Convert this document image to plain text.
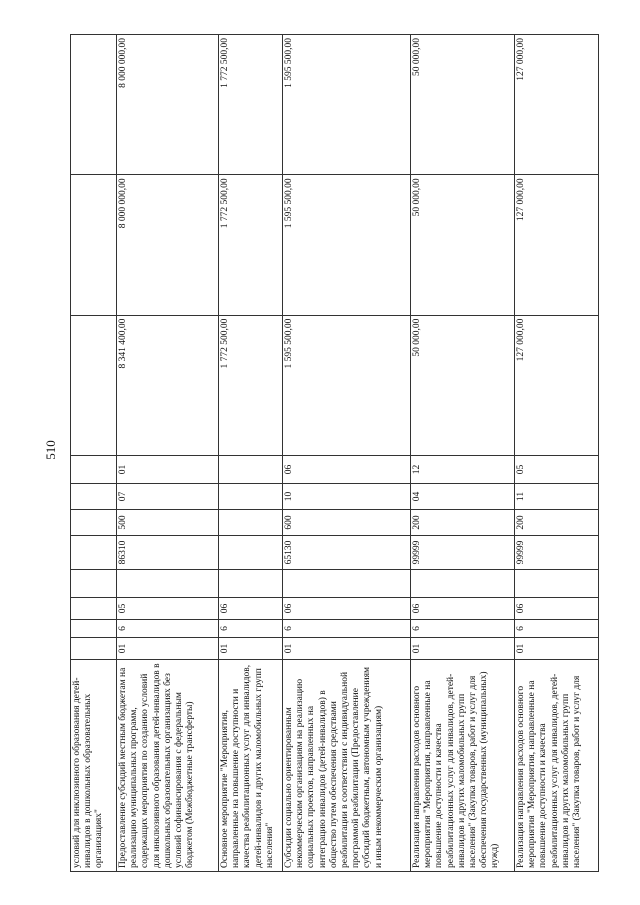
510
условий для инклюзивного образования детей-инвалидов в дошкольных образовательных организациях"											
Предоставление субсидий местным бюджетам на реализацию муниципальных программ, содержащих мероприятия по созданию условий для инклюзивного образования детей-инвалидов в дошкольных образовательных организациях без условий софинансирования с федеральным бюджетом (Межбюджетные трансферты)	01	6	05		86310	500	07	01	8 341 400,00	8 000 000,00	8 000 000,00
Основное мероприятие "Мероприятия, направленные на повышение доступности и качества реабилитационных услуг для инвалидов, детей-инвалидов и других маломобильных групп населения"	01	6	06						1 772 500,00	1 772 500,00	1 772 500,00
Субсидии социально ориентированным некоммерческим организациям на реализацию социальных проектов, направленных на интеграцию инвалидов (детей-инвалидов) в общество путем обеспечения средствами реабилитации в соответствии с индивидуальной программой реабилитации (Предоставление субсидий бюджетным, автономным учреждениям и иным некоммерческим организациям)	01	6	06		65130	600	10	06	1 595 500,00	1 595 500,00	1 595 500,00
Реализация направления расходов основного мероприятия "Мероприятия, направленные на повышение доступности и качества реабилитационных услуг для инвалидов, детей-инвалидов и других маломобильных групп населения" (Закупка товаров, работ и услуг для обеспечения государственных (муниципальных) нужд)	01	6	06		99999	200	04	12	50 000,00	50 000,00	50 000,00
Реализация направления расходов основного мероприятия "Мероприятия, направленные на повышение доступности и качества реабилитационных услуг для инвалидов, детей-инвалидов и других маломобильных групп населения" (Закупка товаров, работ и услуг для	01	6	06		99999	200	11	05	127 000,00	127 000,00	127 000,00
